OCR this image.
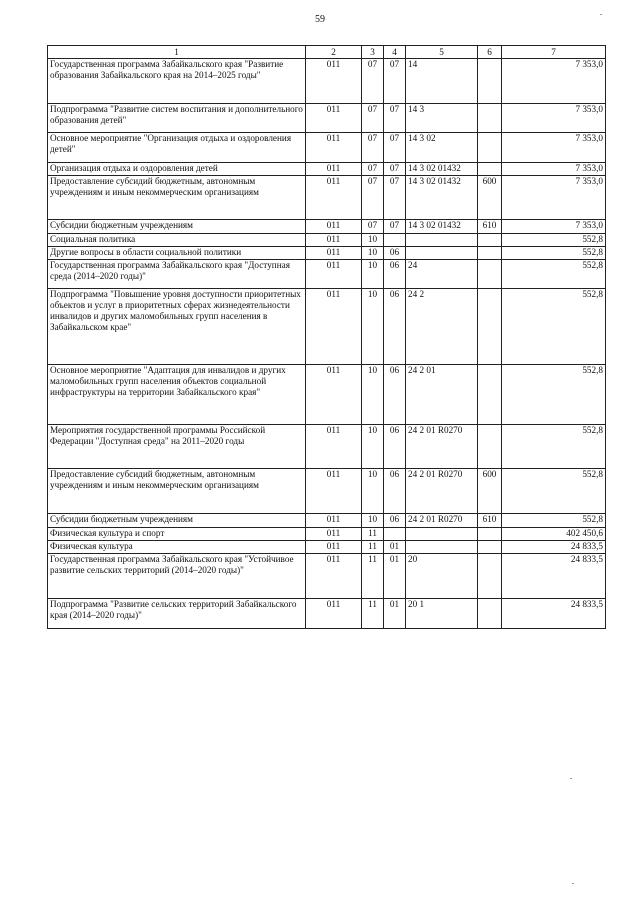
59
1	2	3	4	5	6	7
Государственная программа Забайкальского края "Развитие образования Забайкальского края на 2014–2025 годы"	011	07	07	14		7 353,0
Подпрограмма "Развитие систем воспитания и дополнительного образования детей"	011	07	07	14 3		7 353,0
Основное мероприятие "Организация отдыха и оздоровления детей"	011	07	07	14 3 02		7 353,0
Организация отдыха и оздоровления детей	011	07	07	14 3 02 01432		7 353,0
Предоставление субсидий бюджетным, автономным учреждениям и иным некоммерческим организациям	011	07	07	14 3 02 01432	600	7 353,0
Субсидии бюджетным учреждениям	011	07	07	14 3 02 01432	610	7 353,0
Социальная политика	011	10				552,8
Другие вопросы в области социальной политики	011	10	06			552,8
Государственная программа Забайкальского края "Доступная среда (2014–2020 годы)"	011	10	06	24		552,8
Подпрограмма "Повышение уровня доступности приоритетных объектов и услуг в приоритетных сферах жизнедеятельности инвалидов и других маломобильных групп населения в Забайкальском крае"	011	10	06	24 2		552,8
Основное мероприятие "Адаптация для инвалидов и других маломобильных групп населения объектов социальной инфраструктуры на территории Забайкальского края"	011	10	06	24 2 01		552,8
Мероприятия государственной программы Российской Федерации "Доступная среда" на 2011–2020 годы	011	10	06	24 2 01 R0270		552,8
Предоставление субсидий бюджетным, автономным учреждениям и иным некоммерческим организациям	011	10	06	24 2 01 R0270	600	552,8
Субсидии бюджетным учреждениям	011	10	06	24 2 01 R0270	610	552,8
Физическая культура и спорт	011	11				402 450,6
Физическая культура	011	11	01			24 833,5
Государственная программа Забайкальского края "Устойчивое развитие сельских территорий (2014–2020 годы)"	011	11	01	20		24 833,5
Подпрограмма "Развитие сельских территорий Забайкальского края (2014–2020 годы)"	011	11	01	20 1		24 833,5
